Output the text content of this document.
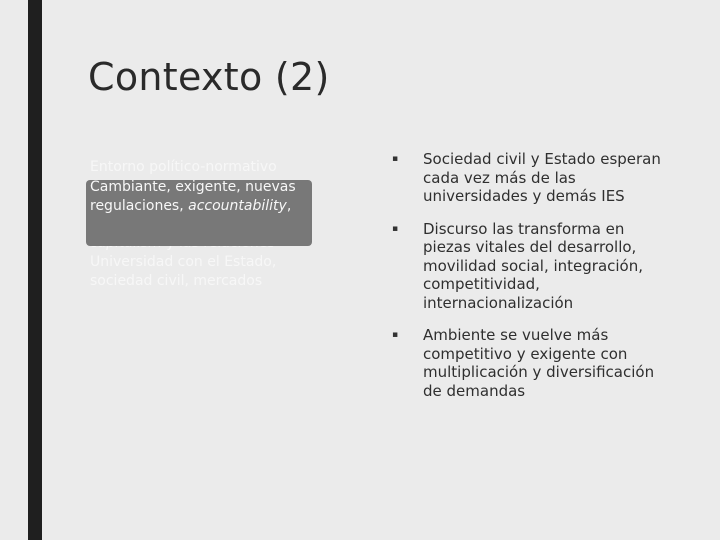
Contexto (2)
Entorno político-normativo
Universidad con el Estado,
sociedad civil, mercados
Cambiante, exigente, nuevas
regulaciones, accountability,
▪ Sociedad civil y Estado esperan cada vez más de las universidades y demás IES
▪ Discurso las transforma en piezas vitales del desarrollo, movilidad social, integración, competitividad, internacionalización
▪ Ambiente se vuelve más competitivo y exigente con multiplicación y diversificación de demandas
